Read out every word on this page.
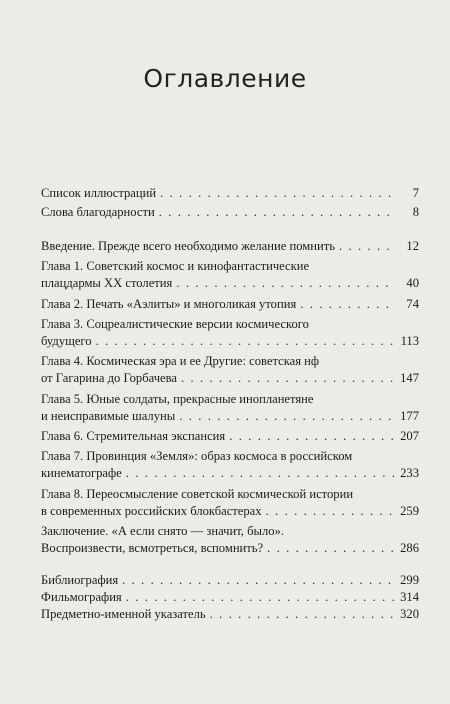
Оглавление
Список иллюстраций . . .	7
Слова благодарности . . .	8
Введение. Прежде всего необходимо желание помнить . . .	12
Глава 1. Советский космос и кинофантастические
плацдармы XX столетия . . .	40
Глава 2. Печать «Аэлиты» и многоликая утопия . . .	74
Глава 3. Соцреалистические версии космического
будущего . . .	113
Глава 4. Космическая эра и ее Другие: советская нф
от Гагарина до Горбачева . . .	147
Глава 5. Юные солдаты, прекрасные инопланетяне
и неисправимые шалуны . . .	177
Глава 6. Стремительная экспансия . . .	207
Глава 7. Провинция «Земля»: образ космоса в российском
кинематографе . . .	233
Глава 8. Переосмысление советской космической истории
в современных российских блокбастерах . . .	259
Заключение. «А если снято — значит, было».
Воспроизвести, всмотреться, вспомнить? . . .	286
Библиография . . .	299
Фильмография . . .	314
Предметно-именной указатель . . .	320
